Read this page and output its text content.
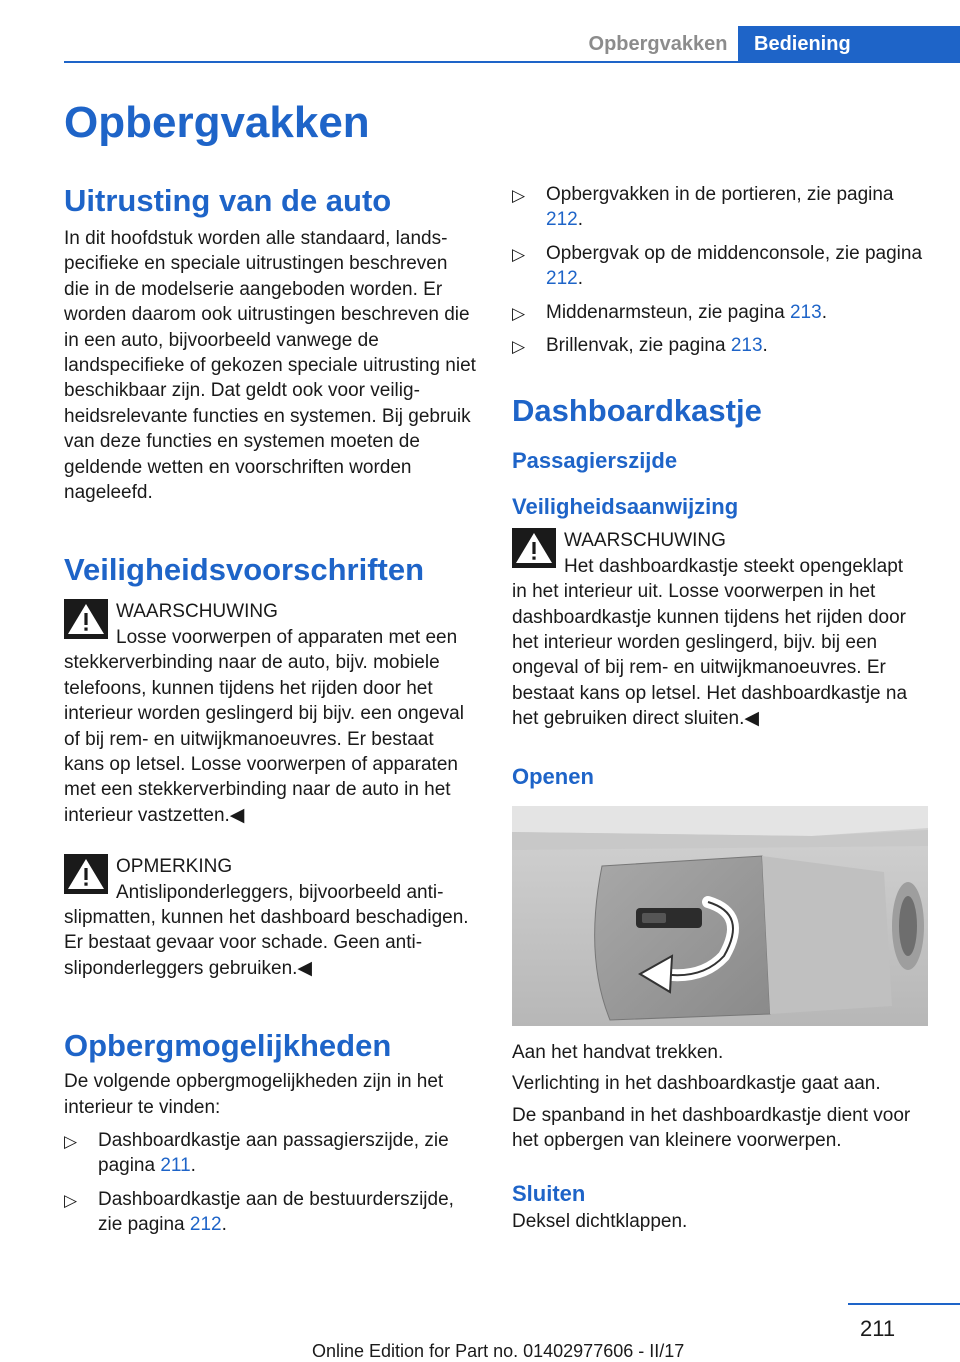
Opbergvakken	Bediening
Opbergvakken
Uitrusting van de auto

In dit hoofdstuk worden alle standaard, landspecifieke en speciale uitrustingen beschreven die in de modelserie aangeboden worden. Er worden daarom ook uitrustingen beschreven die in een auto, bijvoorbeeld vanwege de landspecifieke of gekozen speciale uitrusting niet beschikbaar zijn. Dat geldt ook voor veiligheidsrelevante functies en systemen. Bij gebruik van deze functies en systemen moeten de geldende wetten en voorschriften worden nageleefd.

Veiligheidsvoorschriften

WAARSCHUWING

Losse voorwerpen of apparaten met een

stekkerverbinding naar de auto, bijv. mobiele telefoons, kunnen tijdens het rijden door het interieur worden geslingerd bij bijv. een ongeval of bij rem- en uitwijkmanoeuvres. Er bestaat kans op letsel. Losse voorwerpen of apparaten met een stekkerverbinding naar de auto in het interieur vastzetten.◀

OPMERKING

Antisliponderleggers, bijvoorbeeld anti-

slipmatten, kunnen het dashboard beschadigen. Er bestaat gevaar voor schade. Geen antisliponderleggers gebruiken.◀

Opbergmogelijkheden

De volgende opbergmogelijkheden zijn in het interieur te vinden:

▷ Dashboardkastje aan passagierszijde, zie pagina 211.
▷ Dashboardkastje aan de bestuurderszijde, zie pagina 212.
▷ Opbergvakken in de portieren, zie pagina 212.
▷ Opbergvak op de middenconsole, zie pagina 212.
▷ Middenarmsteun, zie pagina 213.
▷ Brillenvak, zie pagina 213.
Dashboardkastje
Passagierszijde
Veiligheidsaanwijzing

WAARSCHUWING

Het dashboardkastje steekt opengeklapt

in het interieur uit. Losse voorwerpen in het dashboardkastje kunnen tijdens het rijden door het interieur worden geslingerd, bijv. bij een ongeval of bij rem- en uitwijkmanoeuvres. Er bestaat kans op letsel. Het dashboardkastje na het gebruiken direct sluiten.◀

Openen

Aan het handvat trekken.

Verlichting in het dashboardkastje gaat aan.

De spanband in het dashboardkastje dient voor het opbergen van kleinere voorwerpen.

Sluiten

Deksel dichtklappen.

211
Online Edition for Part no. 01402977606 - II/17
